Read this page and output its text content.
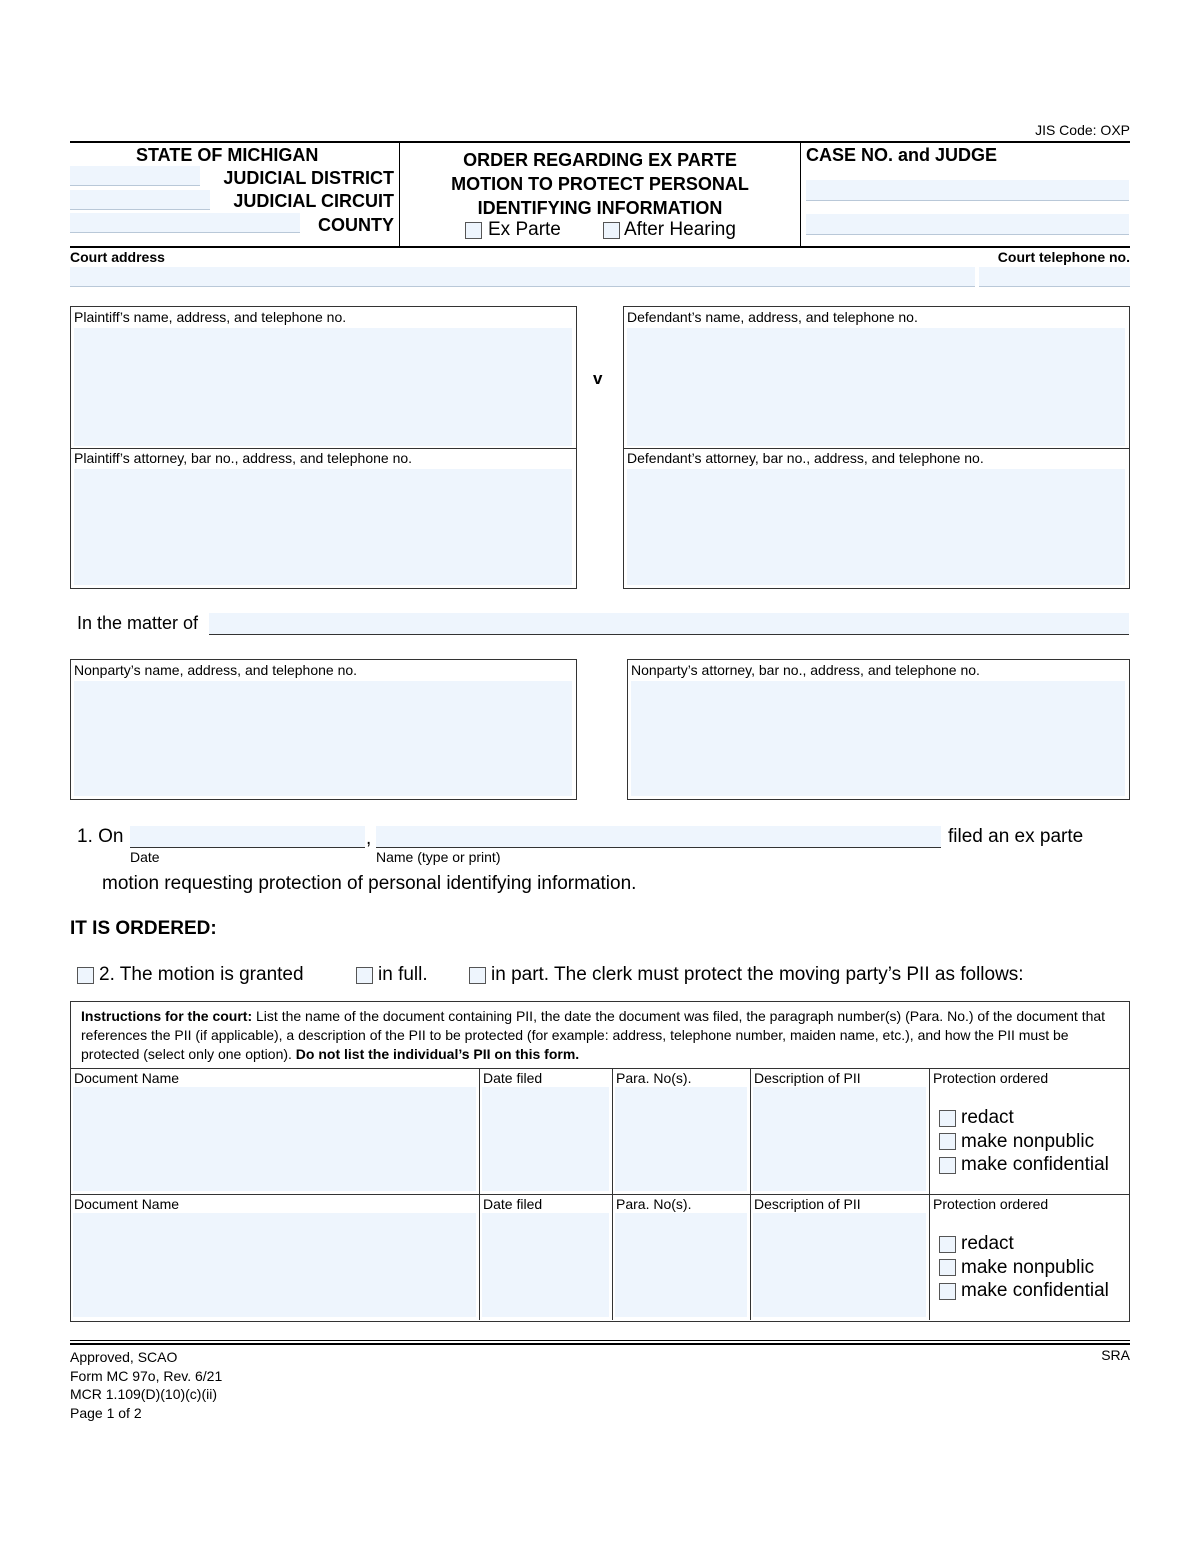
JIS Code: OXP
STATE OF MICHIGAN
JUDICIAL DISTRICT
JUDICIAL CIRCUIT
COUNTY
ORDER REGARDING EX PARTE
MOTION TO PROTECT PERSONAL
IDENTIFYING INFORMATION
Ex Parte	After Hearing
CASE NO. and JUDGE
Court address	Court telephone no.
Plaintiff’s name, address, and telephone no.
Plaintiff’s attorney, bar no., address, and telephone no.
v
Defendant’s name, address, and telephone no.
Defendant’s attorney, bar no., address, and telephone no.
In the matter of
Nonparty’s name, address, and telephone no.	Nonparty’s attorney, bar no., address, and telephone no.
1. On	,	filed an ex parte
Date	Name (type or print)
motion requesting protection of personal identifying information.
IT IS ORDERED:
2. The motion is granted	in full.	in part. The clerk must protect the moving party’s PII as follows:
Instructions for the court: List the name of the document containing PII, the date the document was filed, the paragraph number(s) (Para. No.) of the document that references the PII (if applicable), a description of the PII to be protected (for example: address, telephone number, maiden name, etc.), and how the PII must be protected (select only one option). Do not list the individual’s PII on this form.
Document Name	Date filed	Para. No(s).	Description of PII	Protection ordered
redact
make nonpublic
make confidential
Document Name	Date filed	Para. No(s).	Description of PII	Protection ordered
redact
make nonpublic
make confidential
Approved, SCAO
Form MC 97o, Rev. 6/21
MCR 1.109(D)(10)(c)(ii)
Page 1 of 2
SRA
